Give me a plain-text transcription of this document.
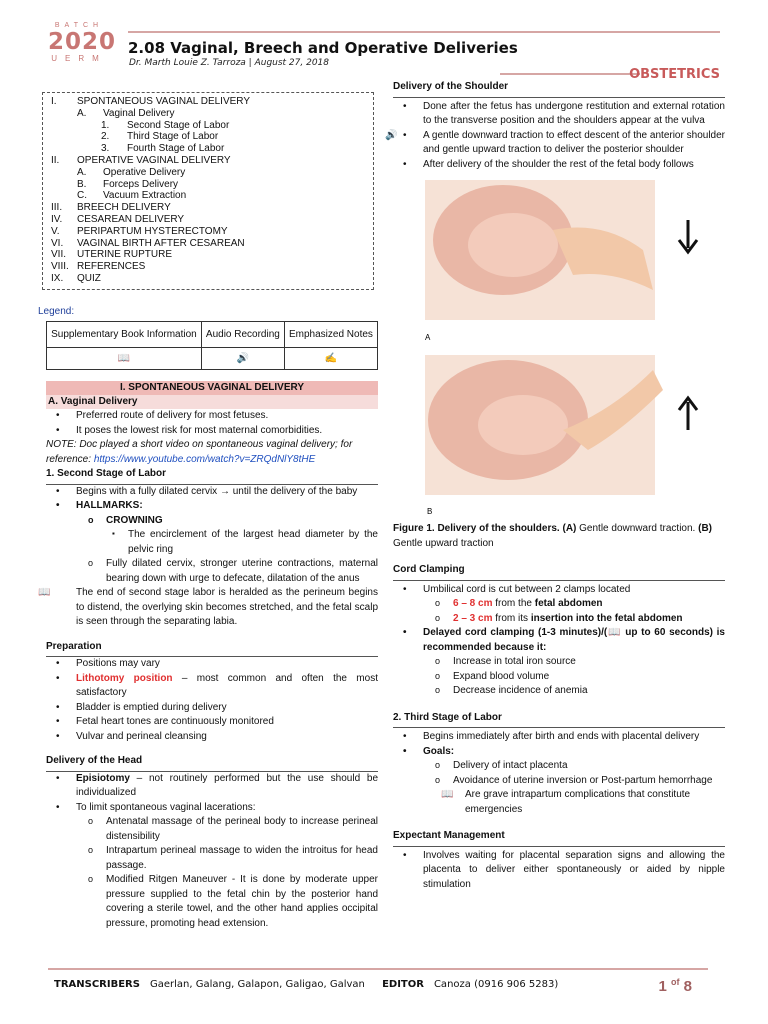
BATCH
2020
UERM
2.08 Vaginal, Breech and Operative Deliveries
Dr. Marth Louie Z. Tarroza | August 27, 2018
OBSTETRICS
I.	SPONTANEOUS VAGINAL DELIVERY
A.	Vaginal Delivery
1.	Second Stage of Labor
2.	Third Stage of Labor
3.	Fourth Stage of Labor
II.	OPERATIVE VAGINAL DELIVERY
A.	Operative Delivery
B.	Forceps Delivery
C.	Vacuum Extraction
III.	BREECH DELIVERY
IV.	CESAREAN DELIVERY
V.	PERIPARTUM HYSTERECTOMY
VI.	VAGINAL BIRTH AFTER CESAREAN
VII.	UTERINE RUPTURE
VIII. REFERENCES
IX.	QUIZ
Legend:
Supplementary Book Information	Audio Recording	Emphasized Notes
📖	🔊	✍
I. SPONTANEOUS VAGINAL DELIVERY
A. Vaginal Delivery
• Preferred route of delivery for most fetuses.
• It poses the lowest risk for most maternal comorbidities.
NOTE: Doc played a short video on spontaneous vaginal delivery; for reference: https://www.youtube.com/watch?v=ZRQdNlY8tHE
1. Second Stage of Labor
• Begins with a fully dilated cervix → until the delivery of the baby
• HALLMARKS:
o CROWNING
▪ The encirclement of the largest head diameter by the pelvic ring
o Fully dilated cervix, stronger uterine contractions, maternal bearing down with urge to defecate, dilatation of the anus
📖	The end of second stage labor is heralded as the perineum begins to distend, the overlying skin becomes stretched, and the fetal scalp is seen through the separating labia.
Preparation
• Positions may vary
• Lithotomy position – most common and often the most satisfactory
• Bladder is emptied during delivery
• Fetal heart tones are continuously monitored
• Vulvar and perineal cleansing
Delivery of the Head
• Episiotomy – not routinely performed but the use should be individualized
• To limit spontaneous vaginal lacerations:
o Antenatal massage of the perineal body to increase perineal distensibility
o Intrapartum perineal massage to widen the introitus for head passage.
o Modified Ritgen Maneuver - It is done by moderate upper pressure supplied to the fetal chin by the posterior hand covering a sterile towel, and the other hand applies occipital pressure, promoting head extension.
Delivery of the Shoulder
• Done after the fetus has undergone restitution and external rotation to the transverse position and the shoulders appear at the vulva
🔊	A gentle downward traction to effect descent of the anterior shoulder and gentle upward traction to deliver the posterior shoulder
•
• After delivery of the shoulder the rest of the fetal body follows
A
B
Figure 1. Delivery of the shoulders. (A) Gentle downward traction. (B) Gentle upward traction
Cord Clamping
• Umbilical cord is cut between 2 clamps located
o 6 – 8 cm from the fetal abdomen
o 2 – 3 cm from its insertion into the fetal abdomen
• Delayed cord clamping (1-3 minutes)/(📖 up to 60 seconds) is recommended because it:
o Increase in total iron source
o Expand blood volume
o Decrease incidence of anemia
2. Third Stage of Labor
• Begins immediately after birth and ends with placental delivery
• Goals:
o Delivery of intact placenta
o Avoidance of uterine inversion or Post-partum hemorrhage
📖 Are grave intrapartum complications that constitute emergencies
Expectant Management
• Involves waiting for placental separation signs and allowing the placenta to deliver either spontaneously or aided by nipple stimulation
TRANSCRIBERS Gaerlan, Galang, Galapon, Galigao, Galvan EDITOR Canoza (0916 906 5283)	1 $^{of}$ 8
